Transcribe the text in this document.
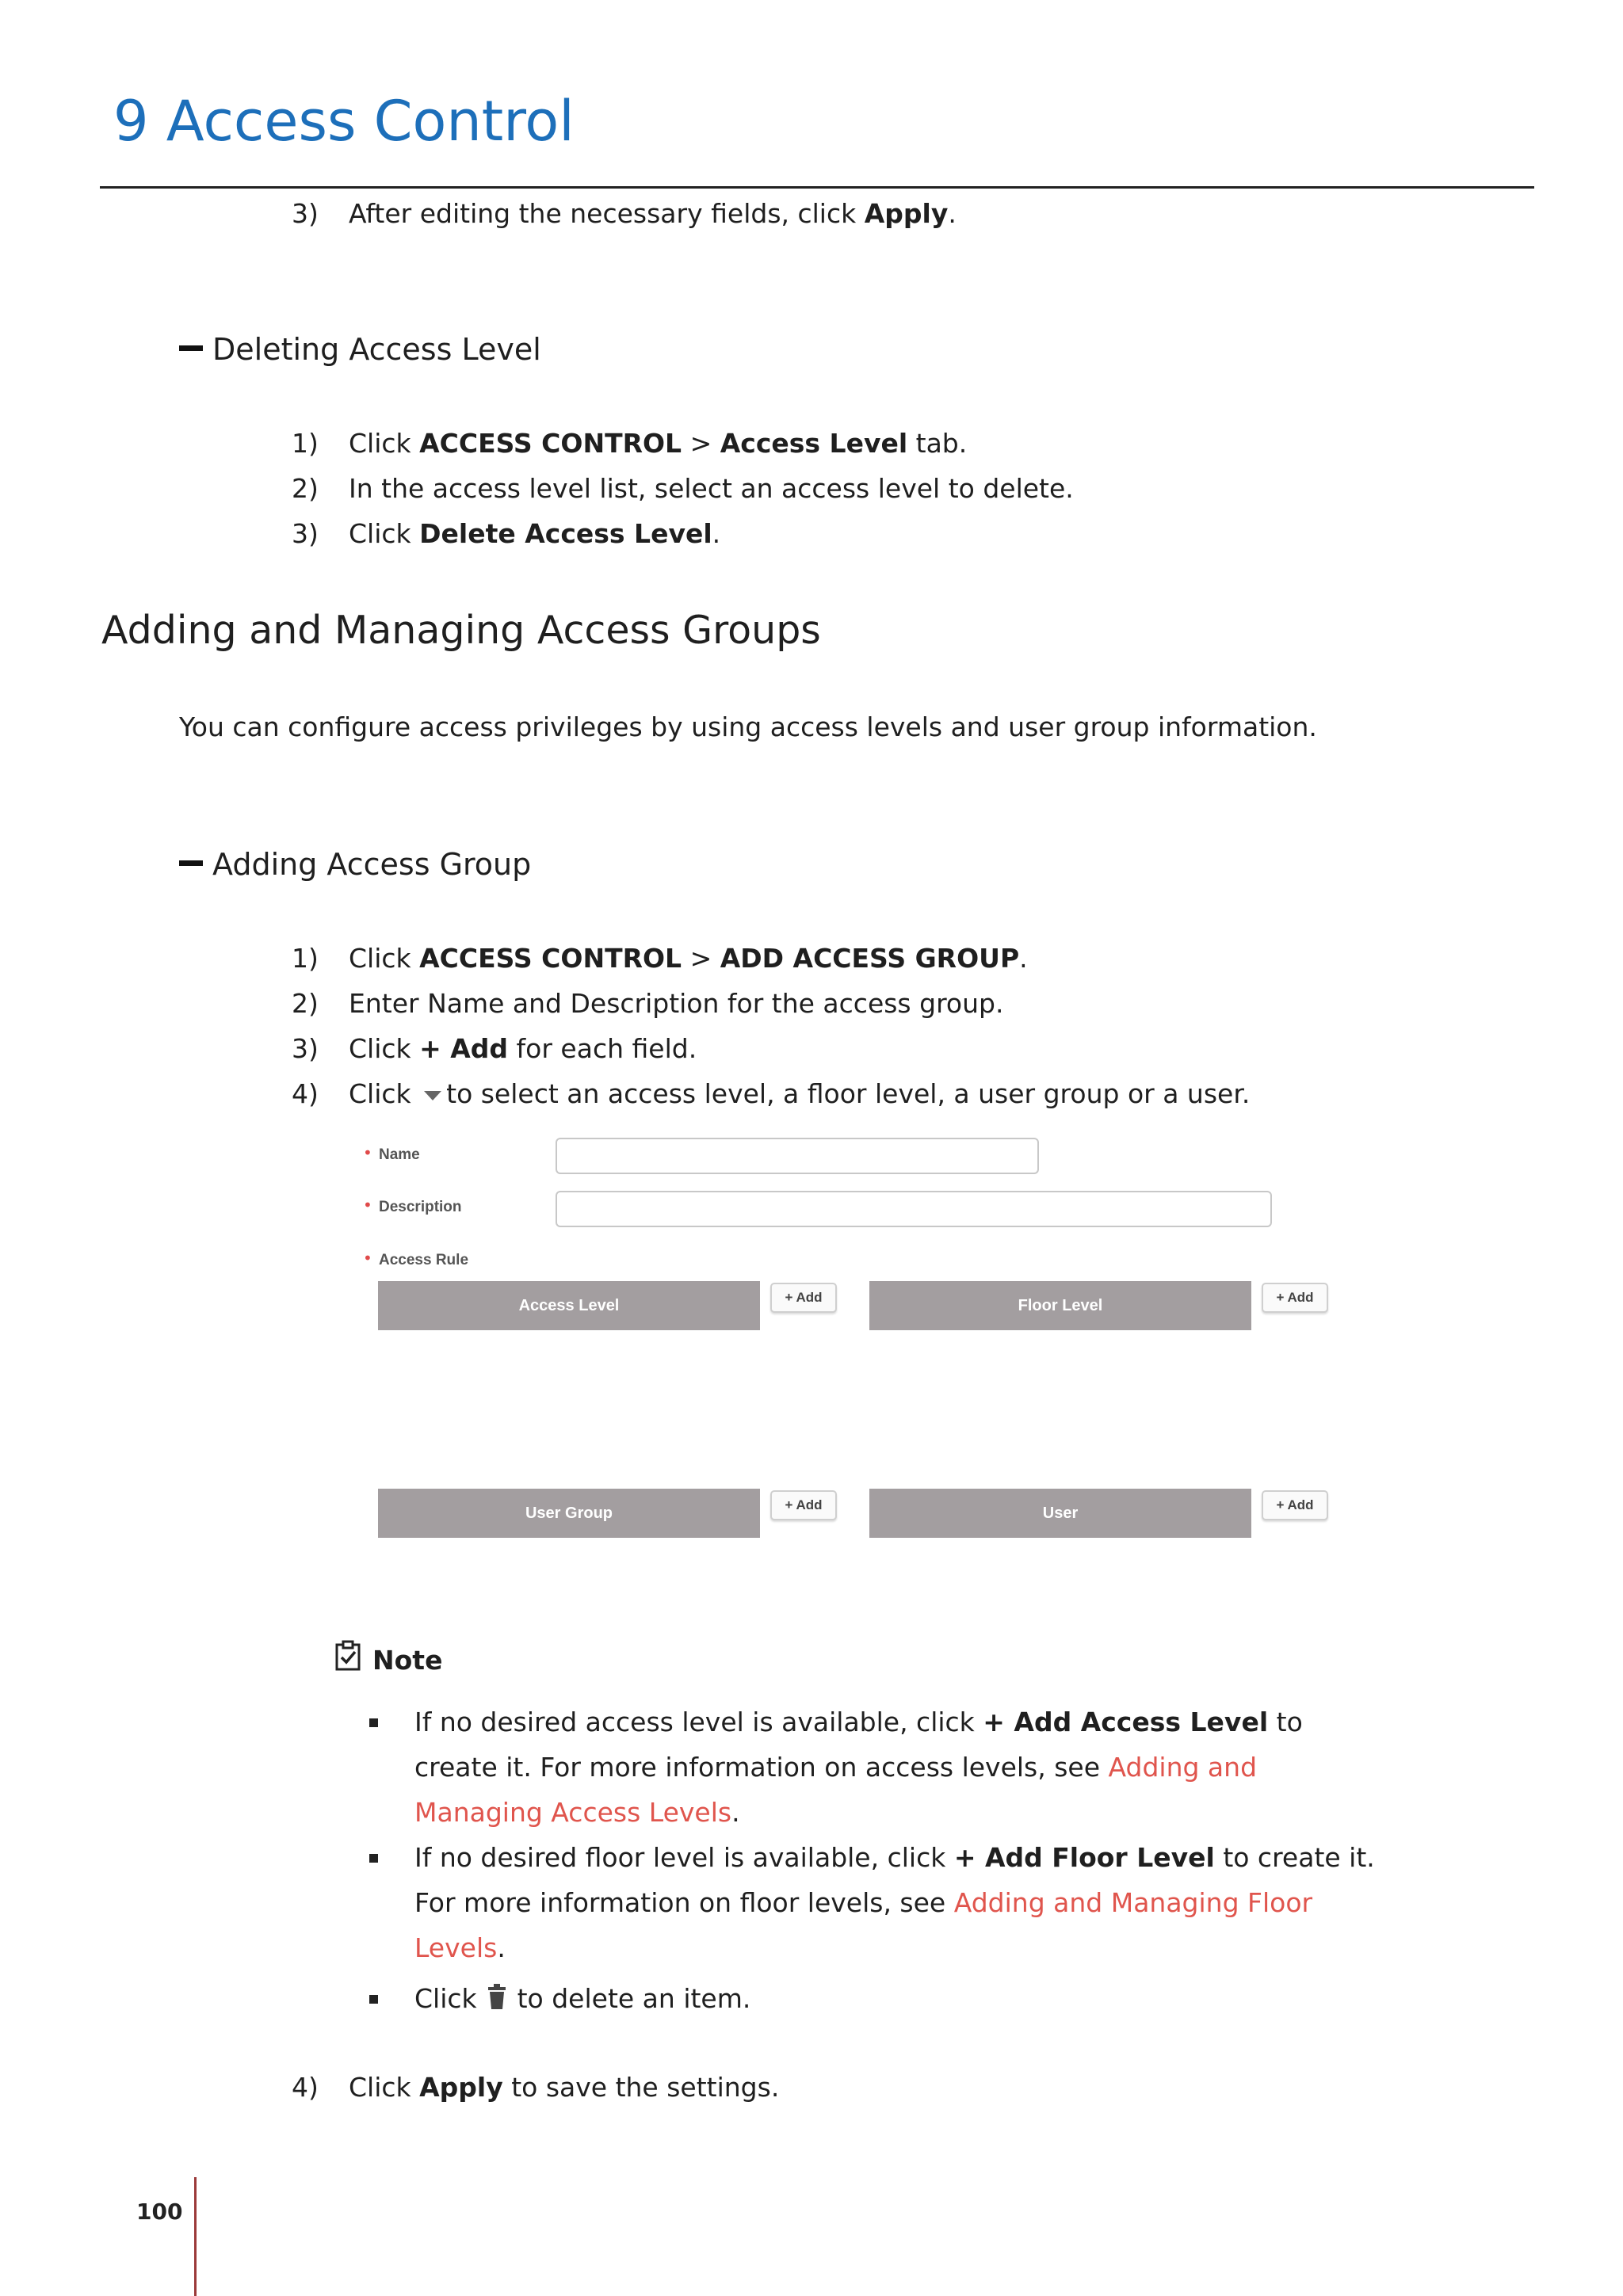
9 Access Control
3) After editing the necessary fields, click Apply.
Deleting Access Level
1) Click ACCESS CONTROL > Access Level tab.
2) In the access level list, select an access level to delete.
3) Click Delete Access Level.
Adding and Managing Access Groups
You can configure access privileges by using access levels and user group information.
Adding Access Group
1) Click ACCESS CONTROL > ADD ACCESS GROUP.
2) Enter Name and Description for the access group.
3) Click + Add for each field.
4) Click to select an access level, a floor level, a user group or a user.
• Name
• Description
• Access Rule
Access Level	+ Add	Floor Level	+ Add
User Group	+ Add	User	+ Add
Note
If no desired access level is available, click + Add Access Level to
create it. For more information on access levels, see Adding and
Managing Access Levels.
If no desired floor level is available, click + Add Floor Level to create it.
For more information on floor levels, see Adding and Managing Floor
Levels.
Click  to delete an item.
4) Click Apply to save the settings.
100
